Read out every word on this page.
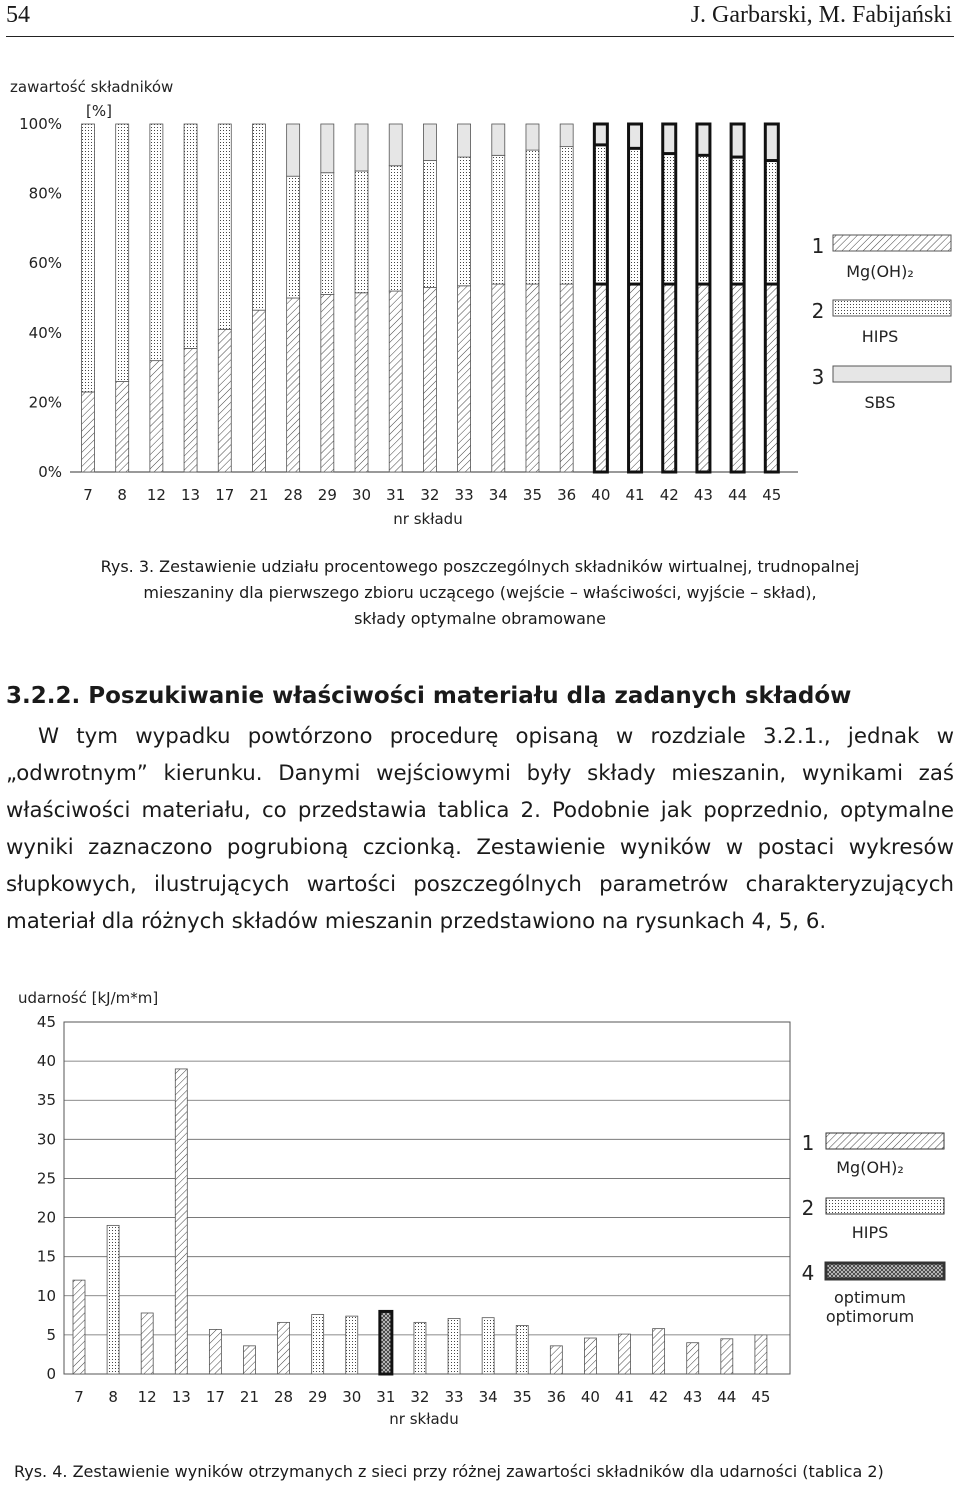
54	J. Garbarski, M. Fabijański
zawartość składników
[%]
0%
20%
40%
60%
80%
100%
7 8 12 13 17 21 28 29 30 31 32 33 34 35 36 40 41 42 43 44 45
nr składu
1
Mg(OH)₂
2
HIPS
3
SBS
Rys. 3. Zestawienie udziału procentowego poszczególnych składników wirtualnej, trudnopalnej
mieszaniny dla pierwszego zbioru uczącego (wejście – właściwości, wyjście – skład),
składy optymalne obramowane
3.2.2. Poszukiwanie właściwości materiału dla zadanych składów

W tym wypadku powtórzono procedurę opisaną w rozdziale 3.2.1., jednak w „odwrotnym” kierunku. Danymi wejściowymi były składy mieszanin, wynikami zaś właściwości materiału, co przedstawia tablica 2. Podobnie jak poprzednio, optymalne wyniki zaznaczono pogrubioną czcionką. Zestawienie wyników w postaci wykresów słupkowych, ilustrujących wartości poszczególnych parametrów charakteryzujących materiał dla różnych składów mieszanin przedstawiono na rysunkach 4, 5, 6.

udarność [kJ/m*m]
0
5
10
15
20
25
30
35
40
45
7 8 12 13 17 21 28 29 30 31 32 33 34 35 36 40 41 42 43 44 45
nr składu
1
Mg(OH)₂
2
HIPS
4
optimum
optimorum
Rys. 4. Zestawienie wyników otrzymanych z sieci przy różnej zawartości składników dla udarności (tablica 2)
